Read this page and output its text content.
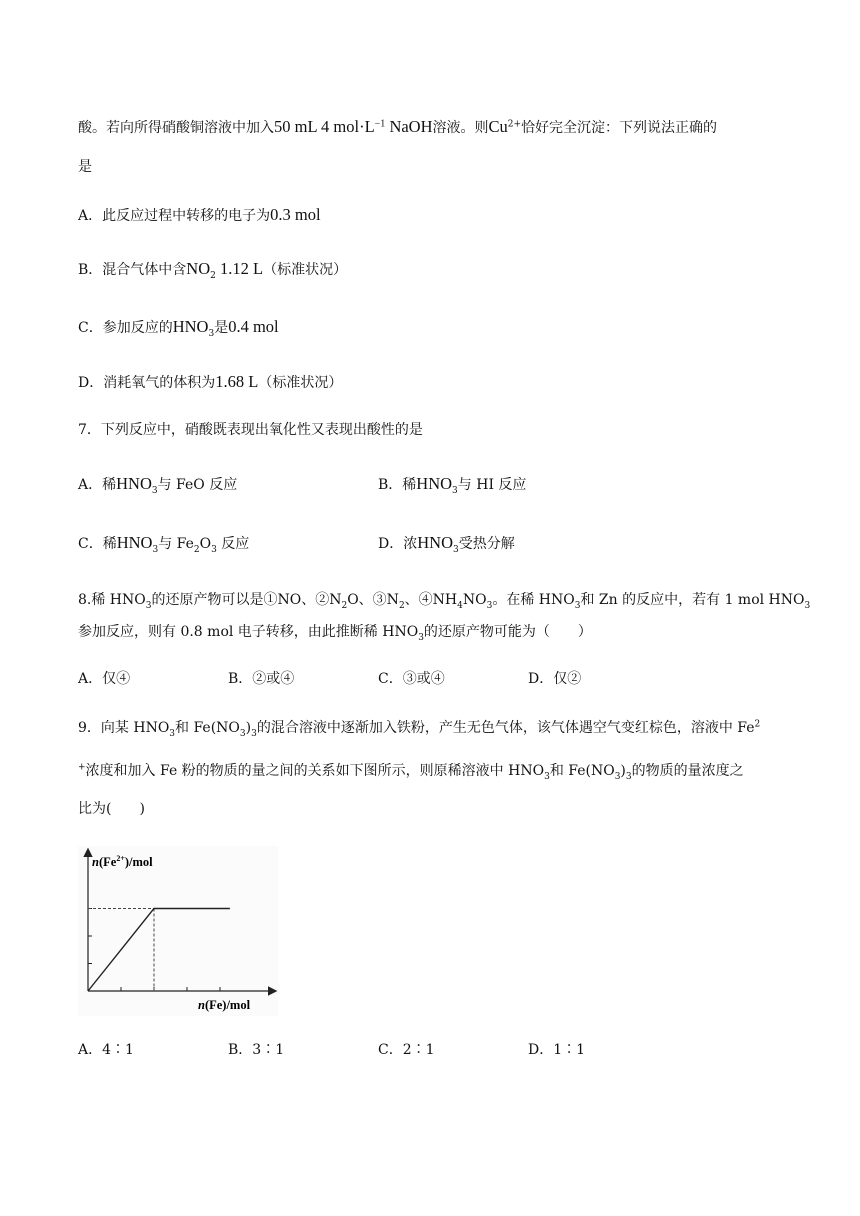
酸。若向所得硝酸铜溶液中加入50 mL 4 $mol\cdot L^{-1}$ NaOH溶液。则$Cu^{2+}$恰好完全沉淀：下列说法正确的
是
A．此反应过程中转移的电子为0.3 mol
B．混合气体中含$NO_2$ 1.12 L（标准状况）
C．参加反应的$HNO_3$是0.4 mol
D．消耗氧气的体积为1.68 L（标准状况）
7．下列反应中，硝酸既表现出氧化性又表现出酸性的是
A．稀$HNO_3$与 FeO 反应	B．稀$HNO_3$与 HI 反应
C．稀$HNO_3$与 $Fe_2O_3$ 反应	D．浓$HNO_3$受热分解
8.稀 $HNO_3$的还原产物可以是①NO、$②N_2O$、$③N_2$、$④NH_4NO_3$。在稀 $HNO_3$和 Zn 的反应中，若有 1 mol $HNO_3$
参加反应，则有 0.8 mol 电子转移，由此推断稀 $HNO_3$的还原产物可能为（　　）
A．仅④	B．②或④	C．③或④	D．仅②
9．向某 $HNO_3$和 $Fe(NO_3)_3$的混合溶液中逐渐加入铁粉，产生无色气体，该气体遇空气变红棕色，溶液中 Fe$^2$
+浓度和加入 Fe 粉的物质的量之间的关系如下图所示，则原稀溶液中 $HNO_3$和 $Fe(NO_3)_3$的物质的量浓度之
比为(　　)
$n(Fe^{2+})$/mol
n(Fe)/mol
A．4∶1	B．3∶1	C．2∶1	D．1∶1
